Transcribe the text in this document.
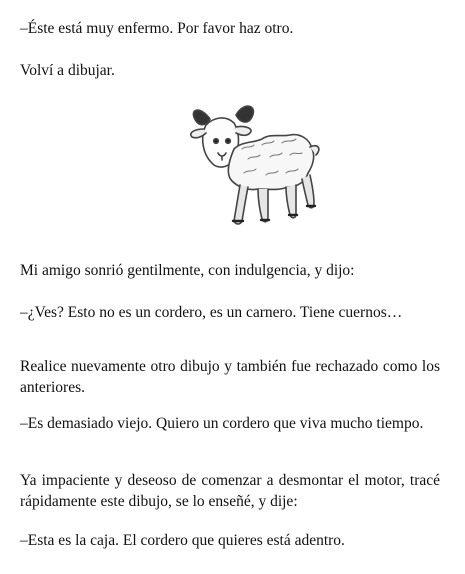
–Éste está muy enfermo. Por favor haz otro.

Volví a dibujar.

Mi amigo sonrió gentilmente, con indulgencia, y dijo:

–¿Ves? Esto no es un cordero, es un carnero. Tiene cuernos…

Realice nuevamente otro dibujo y también fue rechazado como los anteriores.

–Es demasiado viejo. Quiero un cordero que viva mucho tiempo.

Ya impaciente y deseoso de comenzar a desmontar el motor, tracé rápidamente este dibujo, se lo enseñé, y dije:

–Esta es la caja. El cordero que quieres está adentro.
